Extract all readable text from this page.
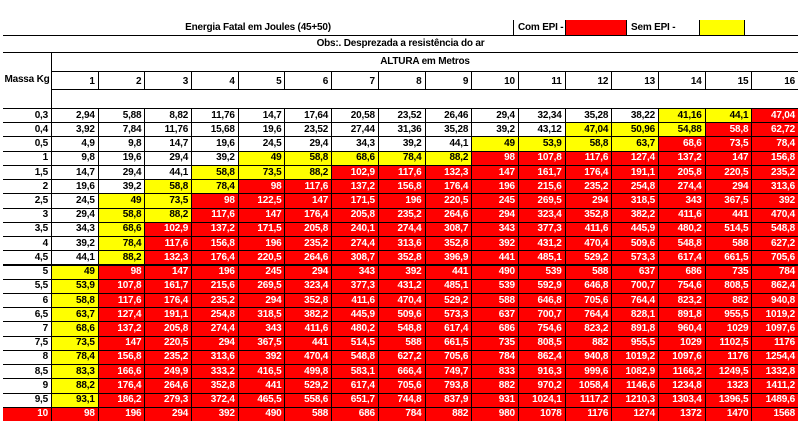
Energia Fatal em Joules (45+50)	Com EPI -	Sem EPI -
Obs:. Desprezada a resistência do ar
Massa Kg
ALTURA em Metros
1	2	3	4	5	6	7	8	9	10	11	12	13	14	15	16
0,3	2,94	5,88	8,82	11,76	14,7	17,64	20,58	23,52	26,46	29,4	32,34	35,28	38,22	41,16	44,1	47,04
0,4	3,92	7,84	11,76	15,68	19,6	23,52	27,44	31,36	35,28	39,2	43,12	47,04	50,96	54,88	58,8	62,72
0,5	4,9	9,8	14,7	19,6	24,5	29,4	34,3	39,2	44,1	49	53,9	58,8	63,7	68,6	73,5	78,4
1	9,8	19,6	29,4	39,2	49	58,8	68,6	78,4	88,2	98	107,8	117,6	127,4	137,2	147	156,8
1,5	14,7	29,4	44,1	58,8	73,5	88,2	102,9	117,6	132,3	147	161,7	176,4	191,1	205,8	220,5	235,2
2	19,6	39,2	58,8	78,4	98	117,6	137,2	156,8	176,4	196	215,6	235,2	254,8	274,4	294	313,6
2,5	24,5	49	73,5	98	122,5	147	171,5	196	220,5	245	269,5	294	318,5	343	367,5	392
3	29,4	58,8	88,2	117,6	147	176,4	205,8	235,2	264,6	294	323,4	352,8	382,2	411,6	441	470,4
3,5	34,3	68,6	102,9	137,2	171,5	205,8	240,1	274,4	308,7	343	377,3	411,6	445,9	480,2	514,5	548,8
4	39,2	78,4	117,6	156,8	196	235,2	274,4	313,6	352,8	392	431,2	470,4	509,6	548,8	588	627,2
4,5	44,1	88,2	132,3	176,4	220,5	264,6	308,7	352,8	396,9	441	485,1	529,2	573,3	617,4	661,5	705,6
5	49	98	147	196	245	294	343	392	441	490	539	588	637	686	735	784
5,5	53,9	107,8	161,7	215,6	269,5	323,4	377,3	431,2	485,1	539	592,9	646,8	700,7	754,6	808,5	862,4
6	58,8	117,6	176,4	235,2	294	352,8	411,6	470,4	529,2	588	646,8	705,6	764,4	823,2	882	940,8
6,5	63,7	127,4	191,1	254,8	318,5	382,2	445,9	509,6	573,3	637	700,7	764,4	828,1	891,8	955,5	1019,2
7	68,6	137,2	205,8	274,4	343	411,6	480,2	548,8	617,4	686	754,6	823,2	891,8	960,4	1029	1097,6
7,5	73,5	147	220,5	294	367,5	441	514,5	588	661,5	735	808,5	882	955,5	1029	1102,5	1176
8	78,4	156,8	235,2	313,6	392	470,4	548,8	627,2	705,6	784	862,4	940,8	1019,2	1097,6	1176	1254,4
8,5	83,3	166,6	249,9	333,2	416,5	499,8	583,1	666,4	749,7	833	916,3	999,6	1082,9	1166,2	1249,5	1332,8
9	88,2	176,4	264,6	352,8	441	529,2	617,4	705,6	793,8	882	970,2	1058,4	1146,6	1234,8	1323	1411,2
9,5	93,1	186,2	279,3	372,4	465,5	558,6	651,7	744,8	837,9	931	1024,1	1117,2	1210,3	1303,4	1396,5	1489,6
10	98	196	294	392	490	588	686	784	882	980	1078	1176	1274	1372	1470	1568
